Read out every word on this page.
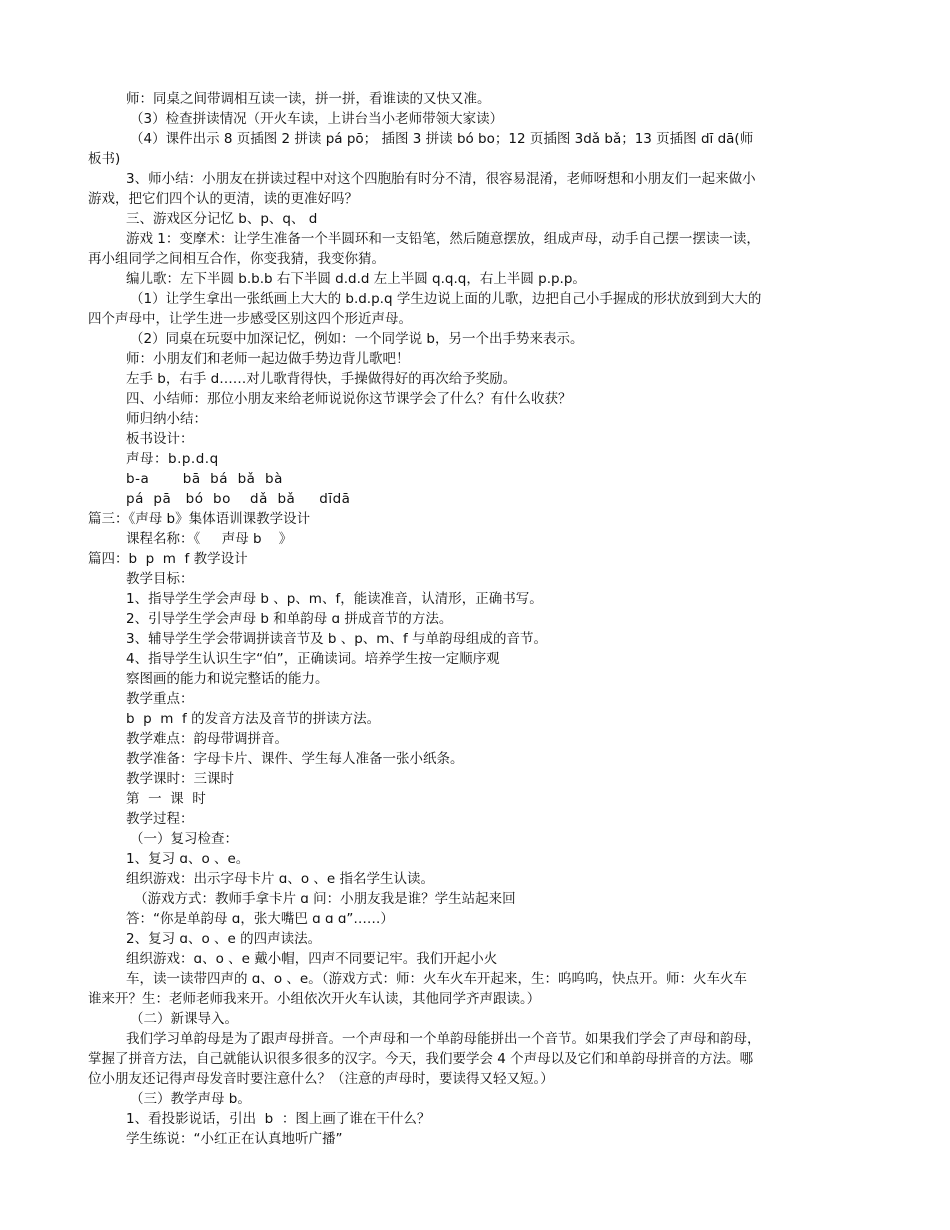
师：同桌之间带调相互读一读，拼一拼，看谁读的又快又准。
（3）检查拼读情况（开火车读，上讲台当小老师带领大家读）
（4）课件出示 8 页插图 2 拼读 pá pō； 插图 3 拼读 bó bo；12 页插图 3dǎ bǎ；13 页插图 dī dā(师
板书)
3、师小结：小朋友在拼读过程中对这个四胞胎有时分不清，很容易混淆，老师呀想和小朋友们一起来做小
游戏，把它们四个认的更清，读的更准好吗？
三、游戏区分记忆 b、p、q、 d
游戏 1：变摩术：让学生准备一个半圆环和一支铅笔，然后随意摆放，组成声母，动手自己摆一摆读一读，
再小组同学之间相互合作，你变我猜，我变你猜。
编儿歌：左下半圆 b.b.b 右下半圆 d.d.d 左上半圆 q.q.q，右上半圆 p.p.p。
（1）让学生拿出一张纸画上大大的 b.d.p.q 学生边说上面的儿歌，边把自己小手握成的形状放到到大大的
四个声母中，让学生进一步感受区别这四个形近声母。
（2）同桌在玩耍中加深记忆，例如：一个同学说 b，另一个出手势来表示。
师：小朋友们和老师一起边做手势边背儿歌吧！
左手 b，右手 d……对儿歌背得快，手操做得好的再次给予奖励。
四、小结师：那位小朋友来给老师说说你这节课学会了什么？有什么收获？
师归纳小结：
板书设计：
声母：b.p.d.q
b-a       bā  bá  bǎ  bà
pá  pā   bó  bo    dǎ  bǎ     dīdā
篇三：《声母 b》集体语训课教学设计
课程名称：《     声母 b    》
篇四：b  p  m  f 教学设计
教学目标：
1、指导学生学会声母 b 、p、m、f，能读准音，认清形，正确书写。
2、引导学生学会声母 b 和单韵母 ɑ 拼成音节的方法。
3、辅导学生学会带调拼读音节及 b 、p、m、f 与单韵母组成的音节。
4、指导学生认识生字“伯”，正确读词。培养学生按一定顺序观
察图画的能力和说完整话的能力。
教学重点：
b  p  m  f 的发音方法及音节的拼读方法。
教学难点：韵母带调拼音。
教学准备：字母卡片、课件、学生每人准备一张小纸条。
教学课时：三课时
第  一  课  时
教学过程：
（一）复习检查：
1、复习 ɑ、o 、e。
组织游戏：出示字母卡片 ɑ、o 、e 指名学生认读。
（游戏方式：教师手拿卡片 ɑ 问：小朋友我是谁？学生站起来回
答：“你是单韵母 ɑ，张大嘴巴 ɑ ɑ ɑ”……）
2、复习 ɑ、o 、e 的四声读法。
组织游戏：ɑ、o 、e 戴小帽，四声不同要记牢。我们开起小火
车，读一读带四声的 ɑ、o 、e。（游戏方式：师：火车火车开起来，生：呜呜呜，快点开。师：火车火车
谁来开？生：老师老师我来开。小组依次开火车认读，其他同学齐声跟读。）
（二）新课导入。
我们学习单韵母是为了跟声母拼音。一个声母和一个单韵母能拼出一个音节。如果我们学会了声母和韵母，
掌握了拼音方法，自己就能认识很多很多的汉字。今天，我们要学会 4 个声母以及它们和单韵母拼音的方法。哪
位小朋友还记得声母发音时要注意什么？（注意的声母时，要读得又轻又短。）
（三）教学声母 b。
1、看投影说话，引出  b  ：图上画了谁在干什么？
学生练说：“小红正在认真地听广播”
